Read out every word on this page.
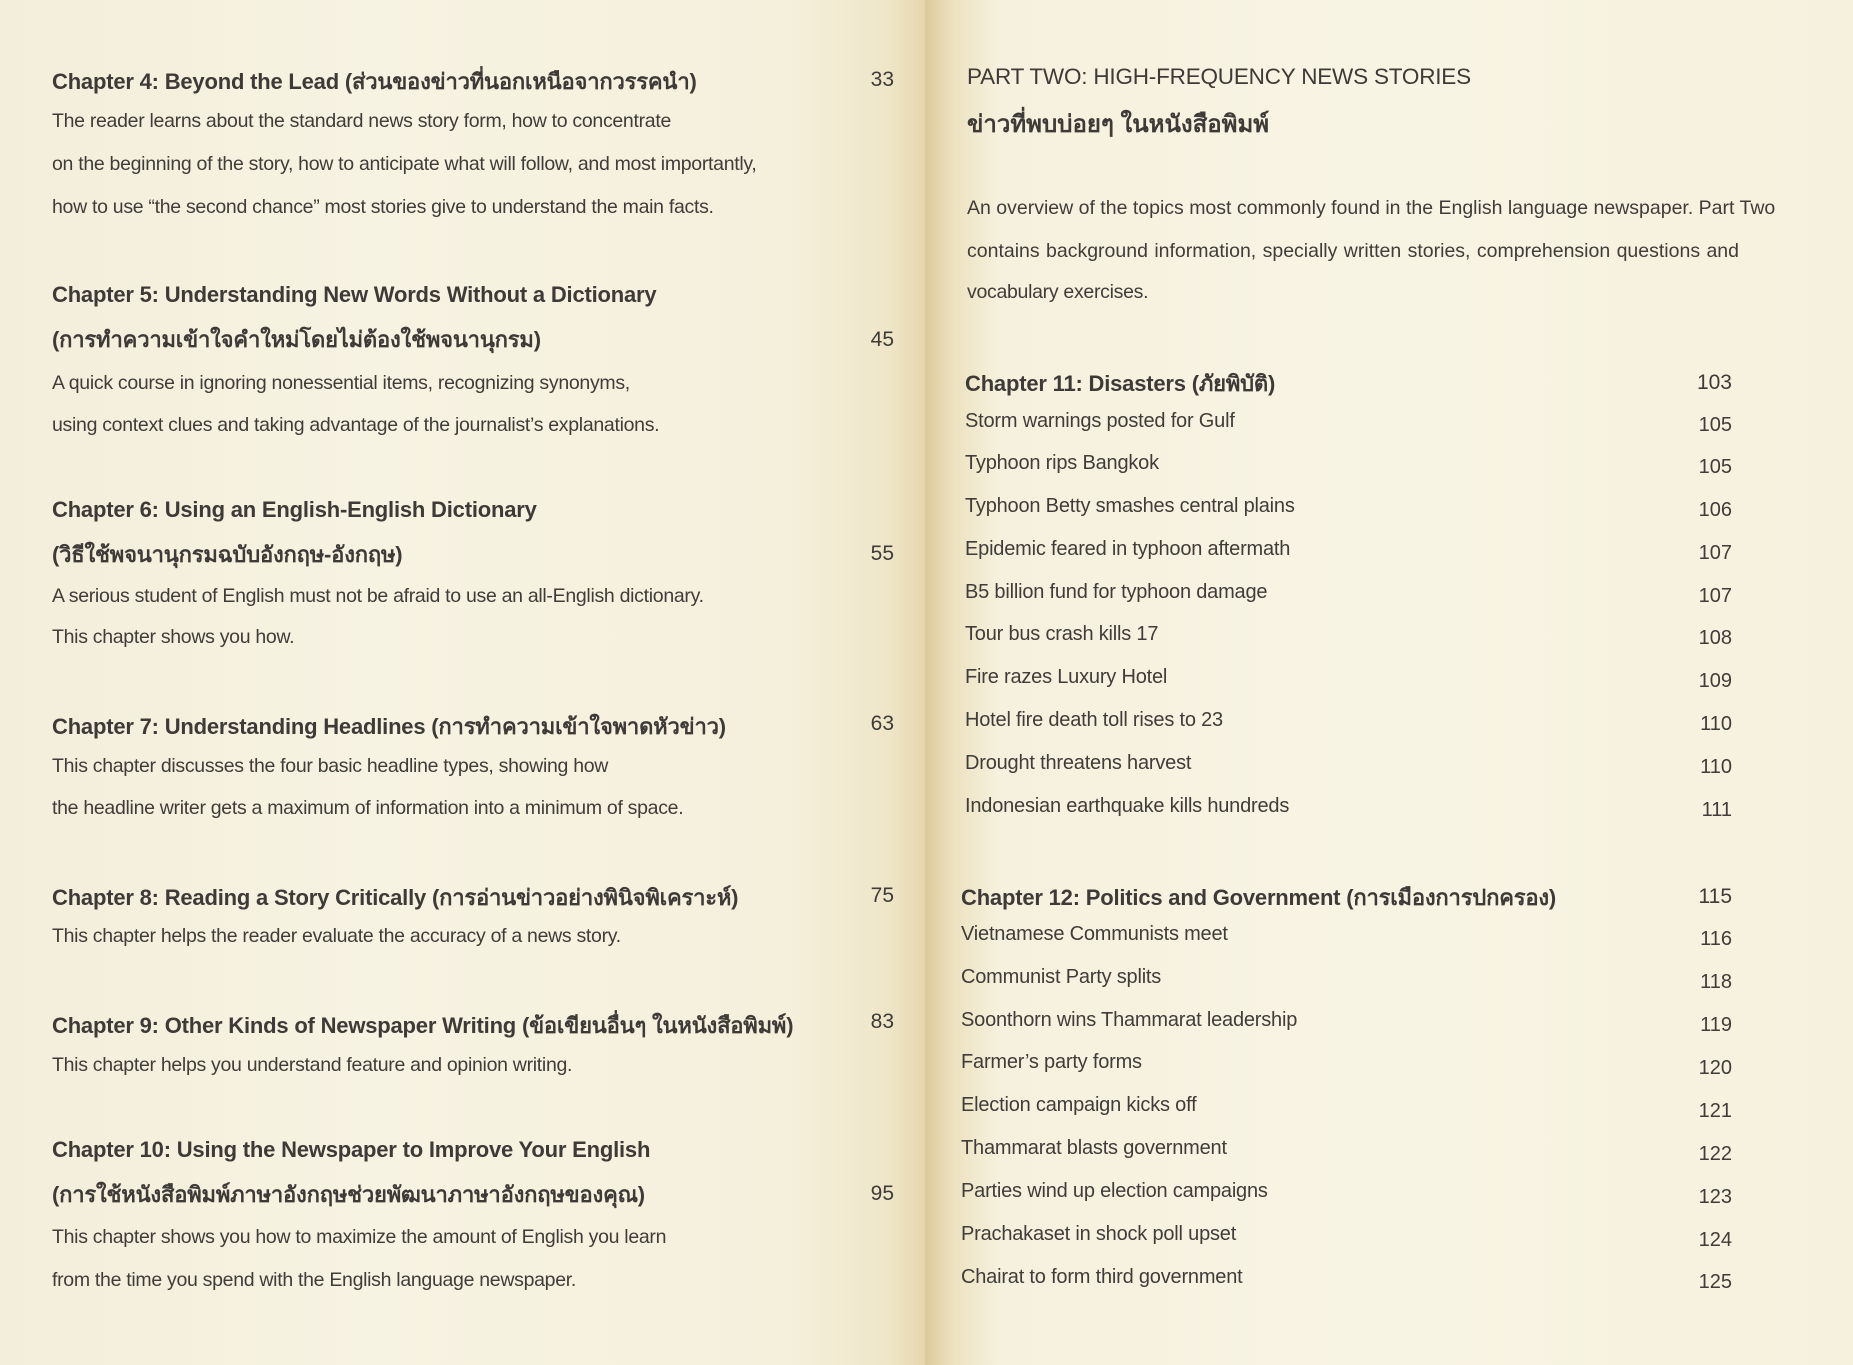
Chapter 4: Beyond the Lead (ส่วนของข่าวที่นอกเหนือจากวรรคนำ)	33
The reader learns about the standard news story form, how to concentrate
on the beginning of the story, how to anticipate what will follow, and most importantly,
how to use “the second chance” most stories give to understand the main facts.
Chapter 5: Understanding New Words Without a Dictionary
(การทำความเข้าใจคำใหม่โดยไม่ต้องใช้พจนานุกรม)	45
A quick course in ignoring nonessential items, recognizing synonyms,
using context clues and taking advantage of the journalist’s explanations.
Chapter 6: Using an English-English Dictionary
(วิธีใช้พจนานุกรมฉบับอังกฤษ-อังกฤษ)	55
A serious student of English must not be afraid to use an all-English dictionary.
This chapter shows you how.
Chapter 7: Understanding Headlines (การทำความเข้าใจพาดหัวข่าว)	63
This chapter discusses the four basic headline types, showing how
the headline writer gets a maximum of information into a minimum of space.
Chapter 8: Reading a Story Critically (การอ่านข่าวอย่างพินิจพิเคราะห์)	75
This chapter helps the reader evaluate the accuracy of a news story.
Chapter 9: Other Kinds of Newspaper Writing (ข้อเขียนอื่นๆ ในหนังสือพิมพ์)	83
This chapter helps you understand feature and opinion writing.
Chapter 10: Using the Newspaper to Improve Your English
(การใช้หนังสือพิมพ์ภาษาอังกฤษช่วยพัฒนาภาษาอังกฤษของคุณ)	95
This chapter shows you how to maximize the amount of English you learn
from the time you spend with the English language newspaper.
PART TWO: HIGH-FREQUENCY NEWS STORIES
ข่าวที่พบบ่อยๆ ในหนังสือพิมพ์
An overview of the topics most commonly found in the English language newspaper. Part Two
contains background information, specially written stories, comprehension questions and
vocabulary exercises.
Chapter 11: Disasters (ภัยพิบัติ)	103
Storm warnings posted for Gulf	105
Typhoon rips Bangkok	105
Typhoon Betty smashes central plains	106
Epidemic feared in typhoon aftermath	107
B5 billion fund for typhoon damage	107
Tour bus crash kills 17	108
Fire razes Luxury Hotel	109
Hotel fire death toll rises to 23	110
Drought threatens harvest	110
Indonesian earthquake kills hundreds	111
Chapter 12: Politics and Government (การเมืองการปกครอง)	115
Vietnamese Communists meet	116
Communist Party splits	118
Soonthorn wins Thammarat leadership	119
Farmer’s party forms	120
Election campaign kicks off	121
Thammarat blasts government	122
Parties wind up election campaigns	123
Prachakaset in shock poll upset	124
Chairat to form third government	125
